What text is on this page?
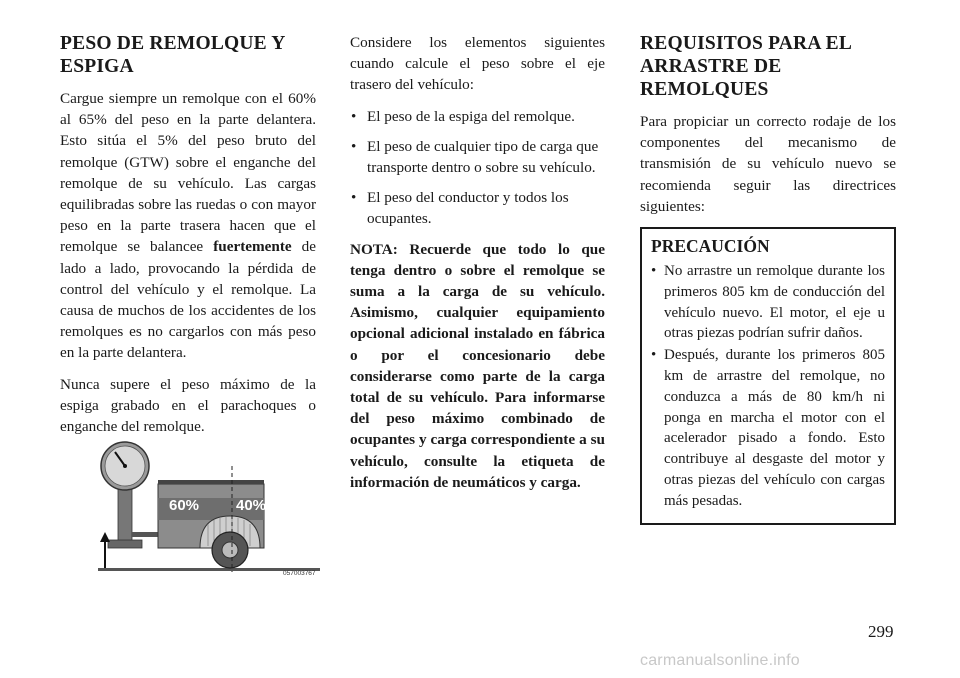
PESO DE REMOLQUE Y ESPIGA

Cargue siempre un remolque con el 60% al 65% del peso en la parte delantera. Esto sitúa el 5% del peso bruto del remolque (GTW) sobre el enganche del remolque de su vehículo. Las cargas equilibradas sobre las ruedas o con mayor peso en la parte trasera hacen que el remolque se balancee fuertemente de lado a lado, provocando la pérdida de control del vehículo y el remolque. La causa de muchos de los accidentes de los remolques es no cargarlos con más peso en la parte delantera.

Nunca supere el peso máximo de la espiga grabado en el parachoques o enganche del remolque.

60% 40%
057003767

Considere los elementos siguientes cuando calcule el peso sobre el eje trasero del vehículo:

• El peso de la espiga del remolque.
• El peso de cualquier tipo de carga que transporte dentro o sobre su vehículo.
• El peso del conductor y todos los ocupantes.

NOTA: Recuerde que todo lo que tenga dentro o sobre el remolque se suma a la carga de su vehículo. Asimismo, cualquier equipamiento opcional adicional instalado en fábrica o por el concesionario debe considerarse como parte de la carga total de su vehículo. Para informarse del peso máximo combinado de ocupantes y carga correspondiente a su vehículo, consulte la etiqueta de información de neumáticos y carga.

REQUISITOS PARA EL ARRASTRE DE REMOLQUES

Para propiciar un correcto rodaje de los componentes del mecanismo de transmisión de su vehículo nuevo se recomienda seguir las directrices siguientes:

PRECAUCIÓN
• No arrastre un remolque durante los primeros 805 km de conducción del vehículo nuevo. El motor, el eje u otras piezas podrían sufrir daños.
• Después, durante los primeros 805 km de arrastre del remolque, no conduzca a más de 80 km/h ni ponga en marcha el motor con el acelerador pisado a fondo. Esto contribuye al desgaste del motor y otras piezas del vehículo con cargas más pesadas.
299
carmanualsonline.info
